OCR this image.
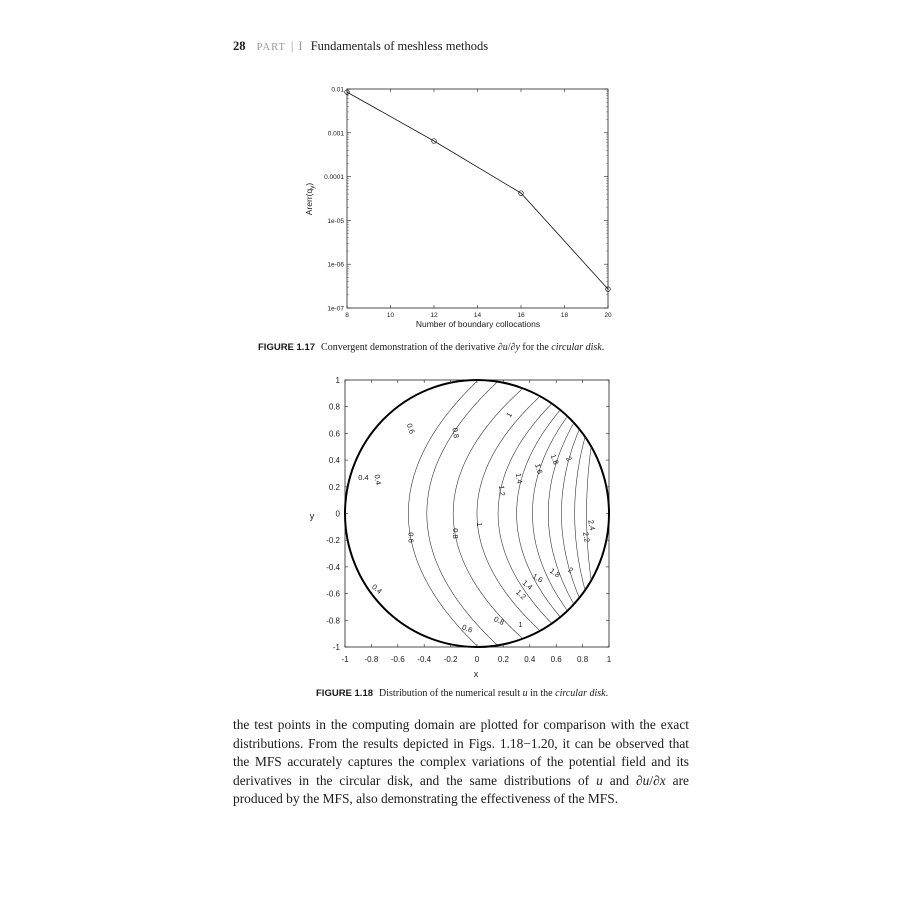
28 PART | I Fundamentals of meshless methods
8	10	12	14	16	18	20
0.01
0.001
0.0001
1e-05
1e-06
1e-07
Number of boundary collocations
$Arerr(q_y)$
FIGURE 1.17 Convergent demonstration of the derivative ∂u/∂y for the circular disk.
-1 -0.8 -0.6 -0.4 -0.2 0 0.2 0.4 0.6 0.8 1
1
0.8
0.6
0.4
0.2
0
-0.2
-0.4
-0.6
-0.8
-1
0.4
0.4
0.4
0.6
0.6
0.6
0.8
0.8
0.8
1
1
1
1.2
1.2
1.4
1.4
1.6
1.6
1.8
1.8
2
2
2.2
2.4
x
y
FIGURE 1.18 Distribution of the numerical result u in the circular disk.

the test points in the computing domain are plotted for comparison with the exact distributions. From the results depicted in Figs. 1.18−1.20, it can be observed that the MFS accurately captures the complex variations of the potential field and its derivatives in the circular disk, and the same distributions of u and ∂u/∂x are produced by the MFS, also demonstrating the effectiveness of the MFS.
